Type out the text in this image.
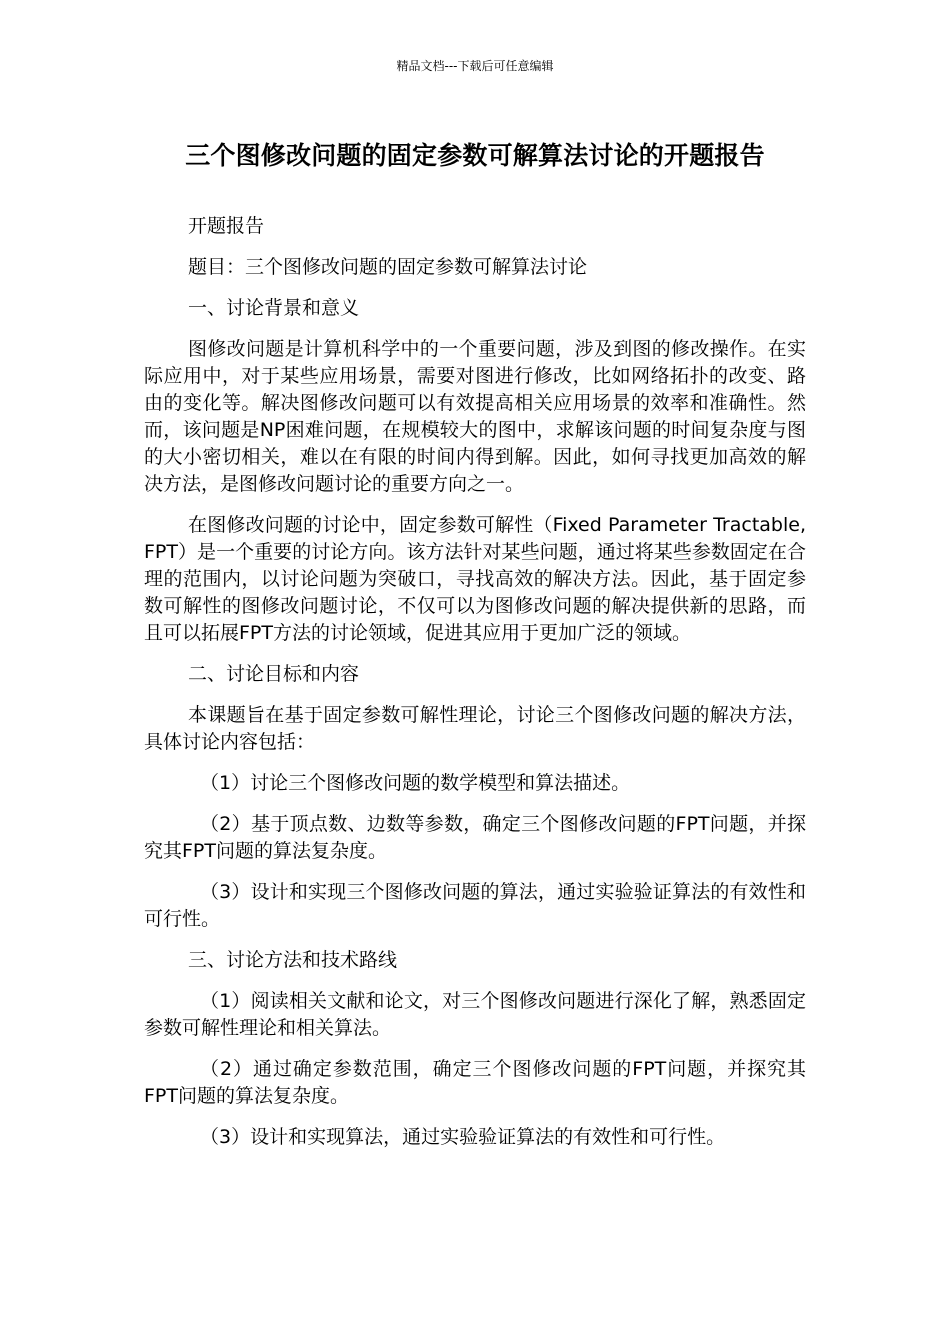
精品文档---下载后可任意编辑
三个图修改问题的固定参数可解算法讨论的开题报告

开题报告

题目：三个图修改问题的固定参数可解算法讨论

一、讨论背景和意义

图修改问题是计算机科学中的一个重要问题，涉及到图的修改操作。在实际应用中，对于某些应用场景，需要对图进行修改，比如网络拓扑的改变、路由的变化等。解决图修改问题可以有效提高相关应用场景的效率和准确性。然而，该问题是NP困难问题，在规模较大的图中，求解该问题的时间复杂度与图的大小密切相关，难以在有限的时间内得到解。因此，如何寻找更加高效的解决方法，是图修改问题讨论的重要方向之一。

在图修改问题的讨论中，固定参数可解性（Fixed Parameter Tractable, FPT）是一个重要的讨论方向。该方法针对某些问题，通过将某些参数固定在合理的范围内，以讨论问题为突破口，寻找高效的解决方法。因此，基于固定参数可解性的图修改问题讨论，不仅可以为图修改问题的解决提供新的思路，而且可以拓展FPT方法的讨论领域，促进其应用于更加广泛的领域。

二、讨论目标和内容

本课题旨在基于固定参数可解性理论，讨论三个图修改问题的解决方法，具体讨论内容包括：

（1）讨论三个图修改问题的数学模型和算法描述。

（2）基于顶点数、边数等参数，确定三个图修改问题的FPT问题，并探究其FPT问题的算法复杂度。

（3）设计和实现三个图修改问题的算法，通过实验验证算法的有效性和可行性。

三、讨论方法和技术路线

（1）阅读相关文献和论文，对三个图修改问题进行深化了解，熟悉固定参数可解性理论和相关算法。

（2）通过确定参数范围，确定三个图修改问题的FPT问题，并探究其FPT问题的算法复杂度。

（3）设计和实现算法，通过实验验证算法的有效性和可行性。
